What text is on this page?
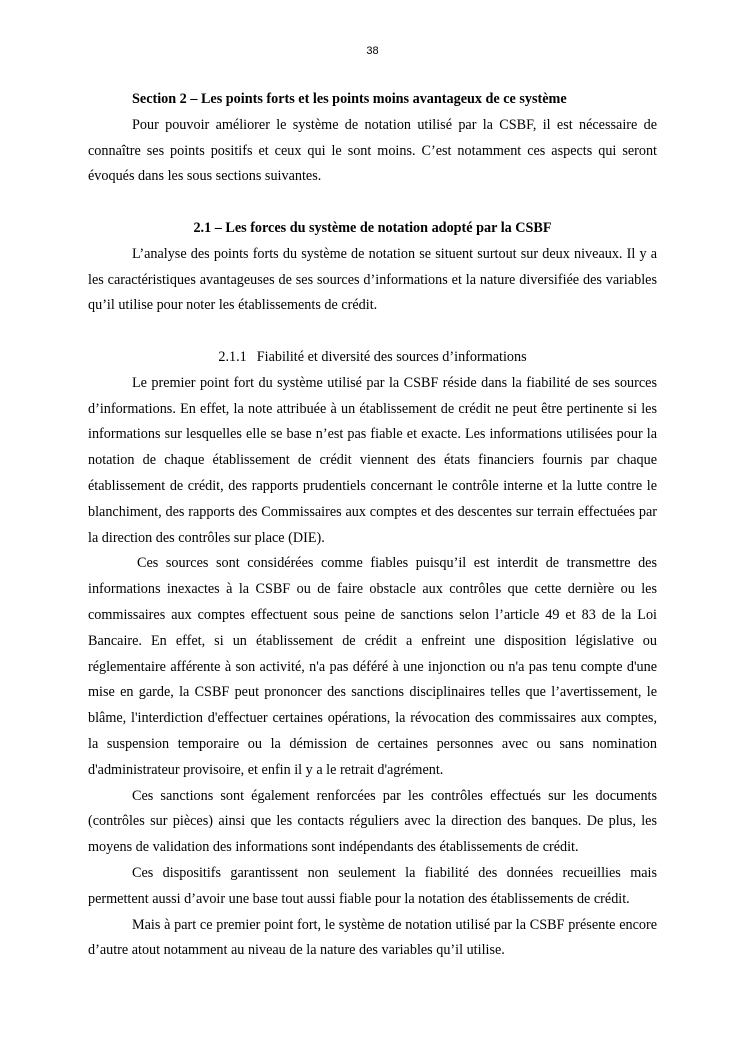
38

Section 2 – Les points forts et les points moins avantageux de ce système

Pour pouvoir améliorer le système de notation utilisé par la CSBF, il est nécessaire de connaître ses points positifs et ceux qui le sont moins. C’est notamment ces aspects qui seront évoqués dans les sous sections suivantes.

2.1 – Les forces du système de notation adopté par la CSBF

L’analyse des points forts du système de notation se situent surtout sur deux niveaux. Il y a les caractéristiques avantageuses de ses sources d’informations et la nature diversifiée des variables qu’il utilise pour noter les établissements de crédit.

2.1.1 Fiabilité et diversité des sources d’informations

Le premier point fort du système utilisé par la CSBF réside dans la fiabilité de ses sources d’informations. En effet, la note attribuée à un établissement de crédit ne peut être pertinente si les informations sur lesquelles elle se base n’est pas fiable et exacte. Les informations utilisées pour la notation de chaque établissement de crédit viennent des états financiers fournis par chaque établissement de crédit, des rapports prudentiels concernant le contrôle interne et la lutte contre le blanchiment, des rapports des Commissaires aux comptes et des descentes sur terrain effectuées par la direction des contrôles sur place (DIE).

Ces sources sont considérées comme fiables puisqu’il est interdit de transmettre des informations inexactes à la CSBF ou de faire obstacle aux contrôles que cette dernière ou les commissaires aux comptes effectuent sous peine de sanctions selon l’article 49 et 83 de la Loi Bancaire. En effet, si un établissement de crédit a enfreint une disposition législative ou réglementaire afférente à son activité, n'a pas déféré à une injonction ou n'a pas tenu compte d'une mise en garde, la CSBF peut prononcer des sanctions disciplinaires telles que l’avertissement, le blâme, l'interdiction d'effectuer certaines opérations, la révocation des commissaires aux comptes, la suspension temporaire ou la démission de certaines personnes avec ou sans nomination d'administrateur provisoire, et enfin il y a le retrait d'agrément.

Ces sanctions sont également renforcées par les contrôles effectués sur les documents (contrôles sur pièces) ainsi que les contacts réguliers avec la direction des banques. De plus, les moyens de validation des informations sont indépendants des établissements de crédit.

Ces dispositifs garantissent non seulement la fiabilité des données recueillies mais permettent aussi d’avoir une base tout aussi fiable pour la notation des établissements de crédit.

Mais à part ce premier point fort, le système de notation utilisé par la CSBF présente encore d’autre atout notamment au niveau de la nature des variables qu’il utilise.
